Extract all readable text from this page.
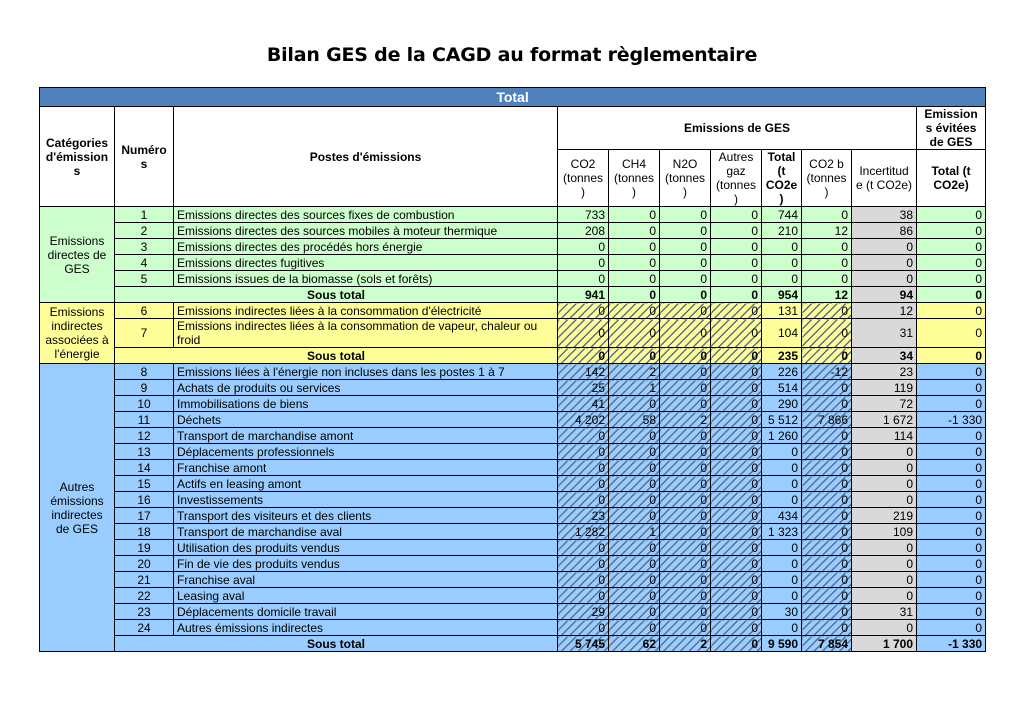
Bilan GES de la CAGD au format règlementaire
Total										
Catégories d'émission s	Numéro s	Postes d'émissions	Emissions de GES							Emission s évitées de GES
			CO2 (tonnes )	CH4 (tonnes )	N2O (tonnes )	Autres gaz (tonnes )	Total (t CO2e )	CO2 b (tonnes )	Incertitud e (t CO2e)	Total (t CO2e)
Emissions directes de GES	1	Emissions directes des sources fixes de combustion	733	0	0	0	744	0	38	0
	2	Emissions directes des sources mobiles à moteur thermique	208	0	0	0	210	12	86	0
	3	Emissions directes des procédés hors énergie	0	0	0	0	0	0	0	0
	4	Emissions directes fugitives	0	0	0	0	0	0	0	0
	5	Emissions issues de la biomasse (sols et forêts)	0	0	0	0	0	0	0	0
	Sous total		941	0	0	0	954	12	94	0
Emissions indirectes associées à l'énergie	6	Emissions indirectes liées à la consommation d'électricité	0	0	0	0	131	0	12	0
	7	Emissions indirectes liées à la consommation de vapeur, chaleur ou froid	0	0	0	0	104	0	31	0
	Sous total		0	0	0	0	235	0	34	0
Autres émissions indirectes de GES	8	Emissions liées à l'énergie non incluses dans les postes 1 à 7	142	2	0	0	226	-12	23	0
	9	Achats de produits ou services	25	1	0	0	514	0	119	0
	10	Immobilisations de biens	41	0	0	0	290	0	72	0
	11	Déchets	4 202	58	2	0	5 512	7 866	1 672	-1 330
	12	Transport de marchandise amont	0	0	0	0	1 260	0	114	0
	13	Déplacements professionnels	0	0	0	0	0	0	0	0
	14	Franchise amont	0	0	0	0	0	0	0	0
	15	Actifs en leasing amont	0	0	0	0	0	0	0	0
	16	Investissements	0	0	0	0	0	0	0	0
	17	Transport des visiteurs et des clients	23	0	0	0	434	0	219	0
	18	Transport de marchandise aval	1 282	1	0	0	1 323	0	109	0
	19	Utilisation des produits vendus	0	0	0	0	0	0	0	0
	20	Fin de vie des produits vendus	0	0	0	0	0	0	0	0
	21	Franchise aval	0	0	0	0	0	0	0	0
	22	Leasing aval	0	0	0	0	0	0	0	0
	23	Déplacements domicile travail	29	0	0	0	30	0	31	0
	24	Autres émissions indirectes	0	0	0	0	0	0	0	0
	Sous total		5 745	62	2	0	9 590	7 854	1 700	-1 330
